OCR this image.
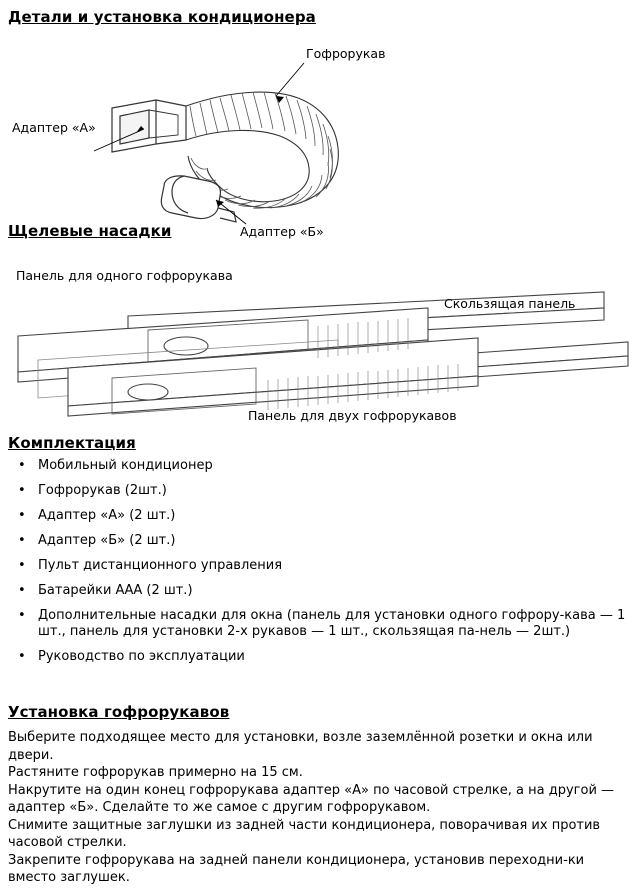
Детали и установка кондиционера
Гофрорукав
Адаптер «А»
Адаптер «Б»
Щелевые насадки
Панель для одного гофрорукава
Скользящая панель
Панель для двух гофрорукавов
Комплектация
• Мобильный кондиционер
• Гофрорукав (2шт.)
• Адаптер «А» (2 шт.)
• Адаптер «Б» (2 шт.)
• Пульт дистанционного управления
• Батарейки ААА (2 шт.)
• Дополнительные насадки для окна (панель для установки одного гофрору-кава — 1 шт., панель для установки 2-х рукавов — 1 шт., скользящая па-нель — 2шт.)
• Руководство по эксплуатации
Установка гофрорукавов

Выберите подходящее место для установки, возле заземлённой розетки и окна или двери.

Растяните гофрорукав примерно на 15 см.

Накрутите на один конец гофрорукава адаптер «А» по часовой стрелке, а на другой — адаптер «Б». Сделайте то же самое с другим гофрорукавом.

Снимите защитные заглушки из задней части кондиционера, поворачивая их против часовой стрелки.

Закрепите гофрорукава на задней панели кондиционера, установив переходни-ки вместо заглушек.
